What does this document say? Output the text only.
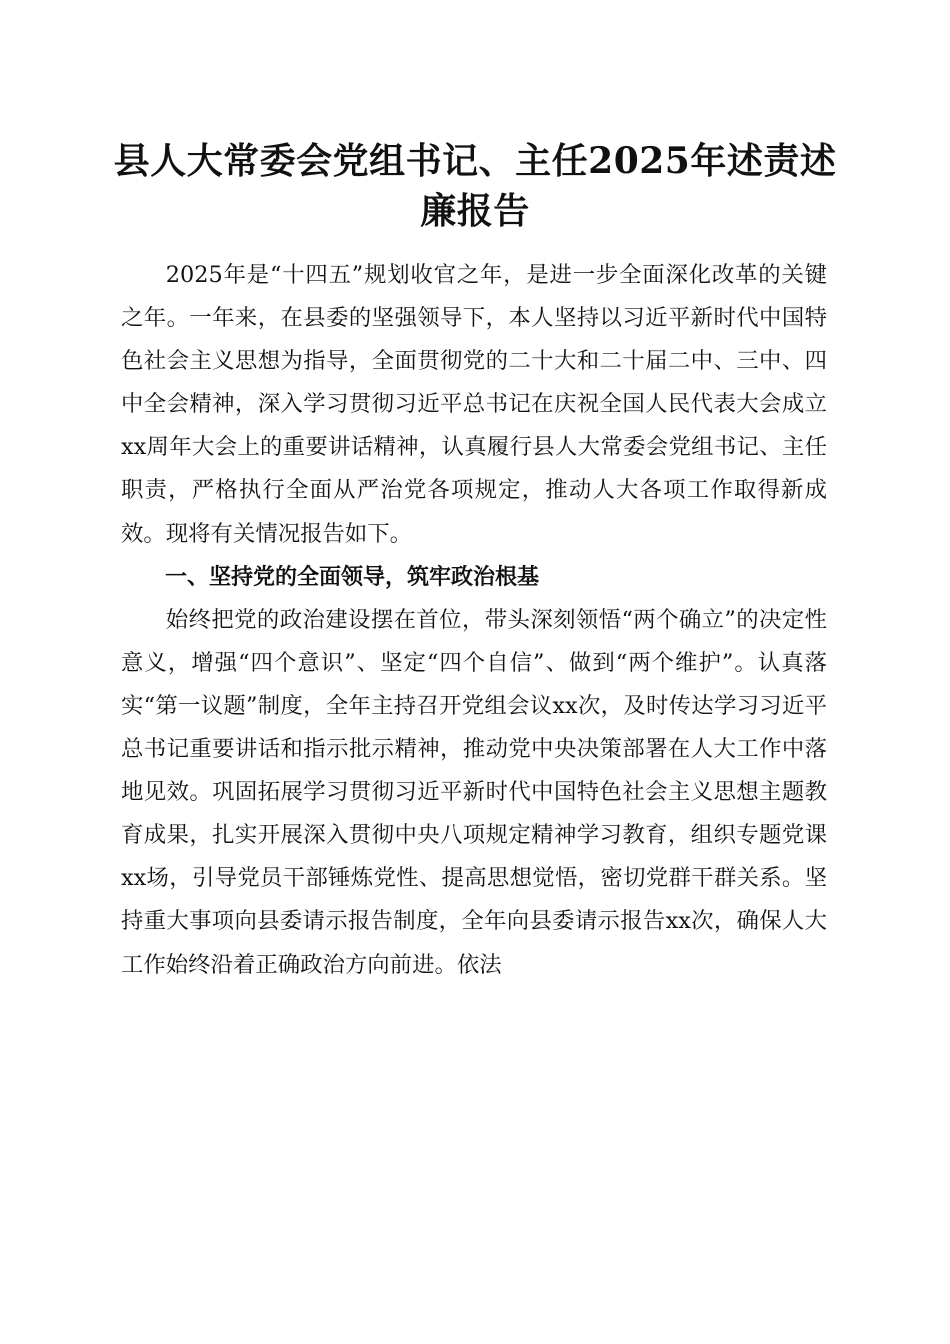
县人大常委会党组书记、主任2025年述责述廉报告

2025年是“十四五”规划收官之年，是进一步全面深化改革的关键之年。一年来，在县委的坚强领导下，本人坚持以习近平新时代中国特色社会主义思想为指导，全面贯彻党的二十大和二十届二中、三中、四中全会精神，深入学习贯彻习近平总书记在庆祝全国人民代表大会成立xx周年大会上的重要讲话精神，认真履行县人大常委会党组书记、主任职责，严格执行全面从严治党各项规定，推动人大各项工作取得新成效。现将有关情况报告如下。

一、坚持党的全面领导，筑牢政治根基

始终把党的政治建设摆在首位，带头深刻领悟“两个确立”的决定性意义，增强“四个意识”、坚定“四个自信”、做到“两个维护”。认真落实“第一议题”制度，全年主持召开党组会议xx次，及时传达学习习近平总书记重要讲话和指示批示精神，推动党中央决策部署在人大工作中落地见效。巩固拓展学习贯彻习近平新时代中国特色社会主义思想主题教育成果，扎实开展深入贯彻中央八项规定精神学习教育，组织专题党课xx场，引导党员干部锤炼党性、提高思想觉悟，密切党群干群关系。坚持重大事项向县委请示报告制度，全年向县委请示报告xx次，确保人大工作始终沿着正确政治方向前进。依法
